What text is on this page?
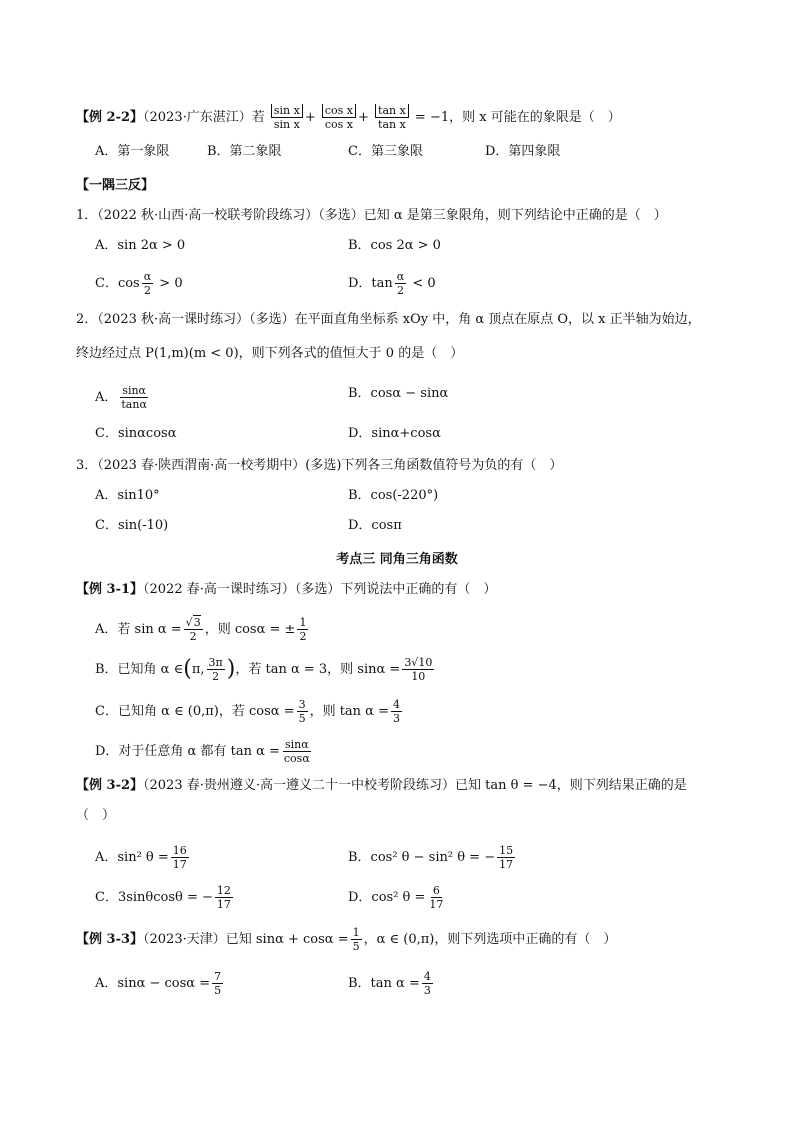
【例 2-2】（2023·广东湛江）若 $\frac{\text{sin x}}{\text{sin x}} + \frac{\text{cos x}}{\text{cos x}} + \frac{\text{tan x}}{\text{tan x}} = -1$，则 x 可能在的象限是（　）
A．第一象限	B．第二象限	C．第三象限	D．第四象限
【一隅三反】
1．（2022 秋·山西·高一校联考阶段练习）（多选）已知 α 是第三象限角，则下列结论中正确的是（　）
A．sin 2α > 0	B．cos 2α > 0
C．$\cos \frac{\alpha}{2} > 0$	D．$\tan \frac{\alpha}{2} < 0$
2．（2023 秋·高一课时练习）（多选）在平面直角坐标系 xOy 中，角 α 顶点在原点 O，以 x 正半轴为始边，
终边经过点 P(1,m)(m < 0)，则下列各式的值恒大于 0 的是（　）
A． $\frac{\sin\alpha}{\tan\alpha}$	B．cosα − sinα
C．sinαcosα	D．sinα+cosα
3．（2023 春·陕西渭南·高一校考期中）(多选)下列各三角函数值符号为负的有（　）
A．sin10°	B．cos(-220°)
C．sin(-10)	D．cosπ
考点三 同角三角函数
【例 3-1】（2022 春·高一课时练习）（多选）下列说法中正确的有（　）
A．若 $\sin \alpha = \frac{√3}{2}$ ，则 cosα = ± $\frac{1}{2}$
B．已知角 α ∈(π, $\frac{3\pi}{2}$ )，若 tan α = 3，则 $\sin\alpha = \frac{3√10}{10}$
C．已知角 α ∈ (0,π)，若 $\cos\alpha = \frac{3}{5}$ ，则 $\tan \alpha = \frac{4}{3}$
D．对于任意角 α 都有 $\tan \alpha = \frac{\sin\alpha}{\cos\alpha}$
【例 3-2】（2023 春·贵州遵义·高一遵义二十一中校考阶段练习）已知 tan θ = −4，则下列结果正确的是
（　）
A．sin² $\theta = \frac{16}{17}$	B．cos² θ − sin² θ = − $\frac{15}{17}$
C．3sinθcosθ = − $\frac{12}{17}$	D．cos² $\theta = \frac{6}{17}$
【例 3-3】（2023·天津）已知 $\sin\alpha + \cos\alpha = \frac{1}{5}$ ，α ∈ (0,π)，则下列选项中正确的有（　）
A．$\sin\alpha - \cos\alpha = \frac{7}{5}$	B．$\tan \alpha = \frac{4}{3}$
